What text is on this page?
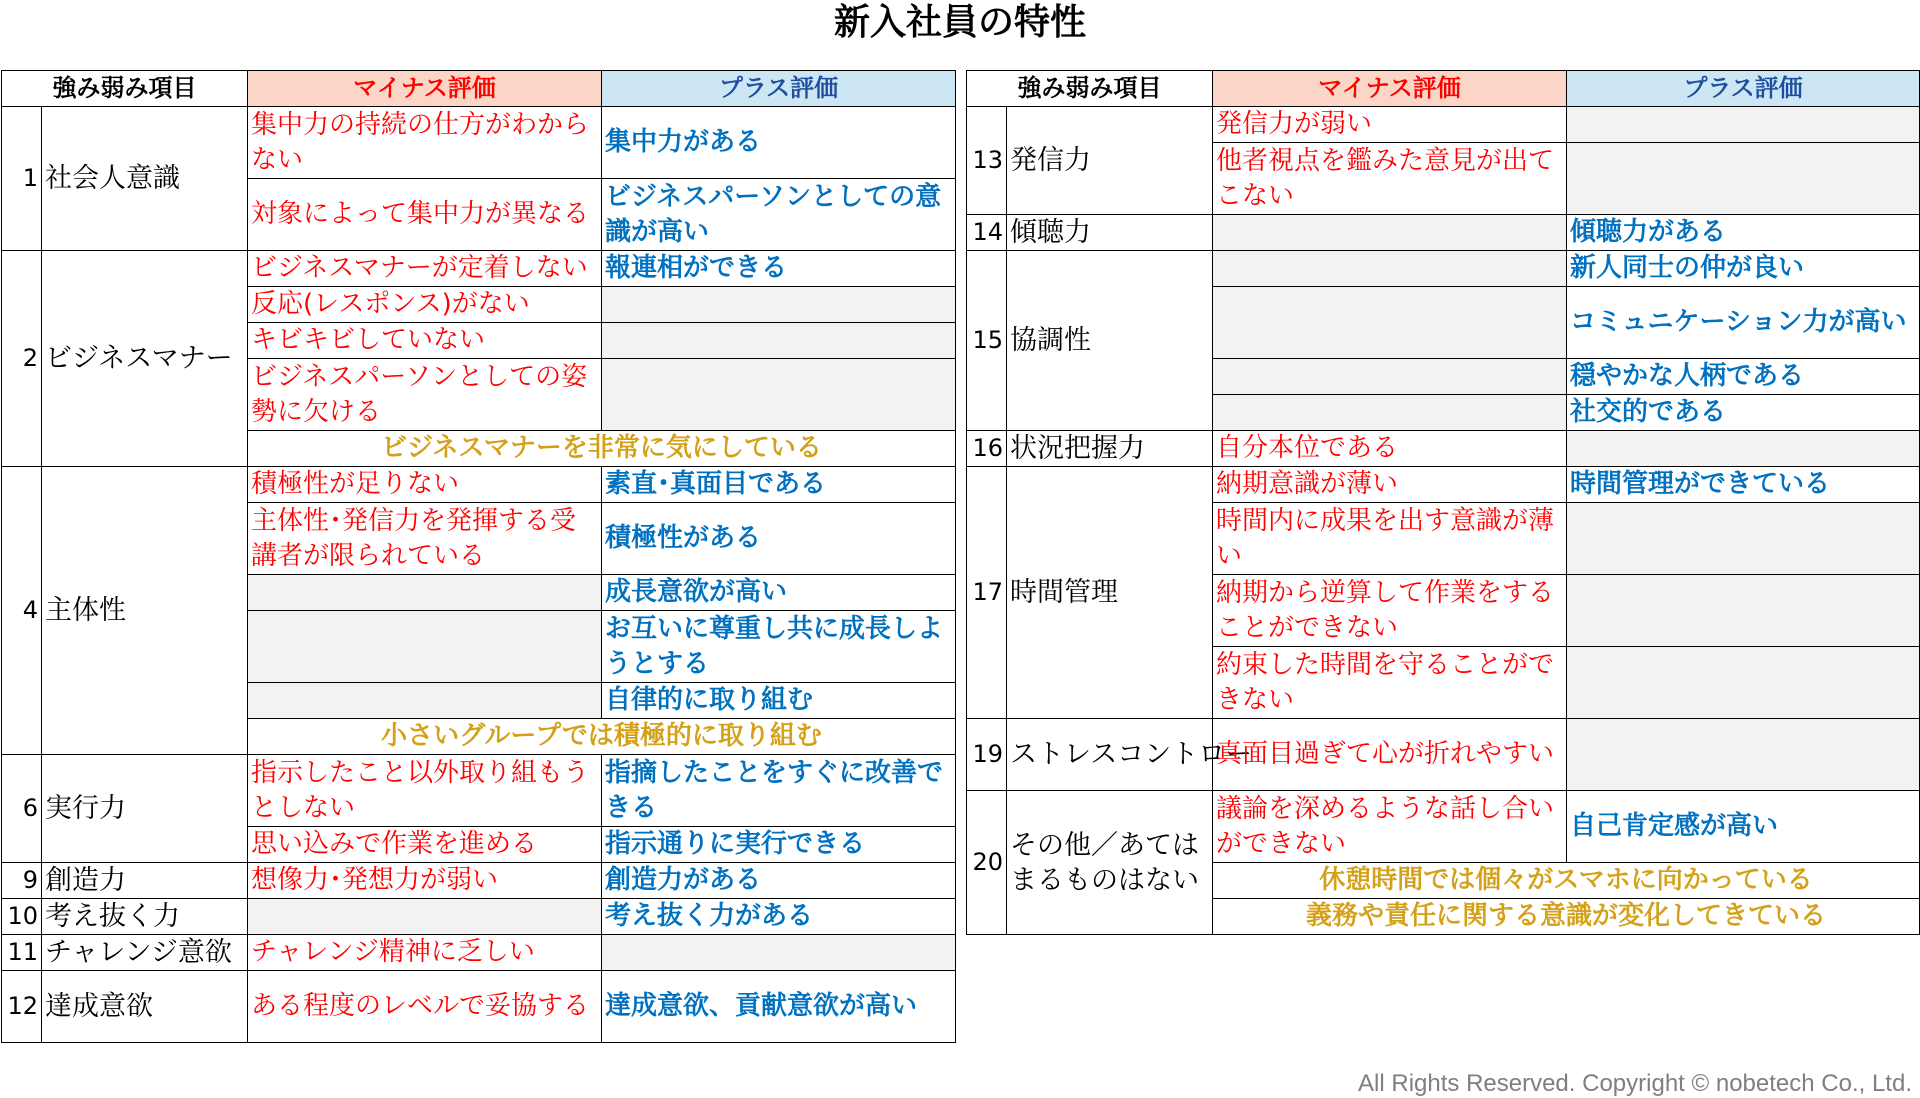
新入社員の特性
強み弱み項目		マイナス評価	プラス評価
1	社会人意識	集中力の持続の仕方がわからない	集中力がある
		対象によって集中力が異なる	ビジネスパーソンとしての意識が高い
2	ビジネスマナー	ビジネスマナーが定着しない	報連相ができる
		反応(レスポンス)がない	
		キビキビしていない	
		ビジネスパーソンとしての姿勢に欠ける	
		ビジネスマナーを非常に気にしている	
4	主体性	積極性が足りない	素直･真面目である
		主体性･発信力を発揮する受講者が限られている	積極性がある
			成長意欲が高い
			お互いに尊重し共に成長しようとする
			自律的に取り組む
		小さいグループでは積極的に取り組む	
6	実行力	指示したこと以外取り組もうとしない	指摘したことをすぐに改善できる
		思い込みで作業を進める	指示通りに実行できる
9	創造力	想像力･発想力が弱い	創造力がある
10	考え抜く力		考え抜く力がある
11	チャレンジ意欲	チャレンジ精神に乏しい	
12	達成意欲	ある程度のレベルで妥協する	達成意欲、貢献意欲が高い
強み弱み項目		マイナス評価	プラス評価
13	発信力	発信力が弱い	
		他者視点を鑑みた意見が出てこない	
14	傾聴力		傾聴力がある
15	協調性		新人同士の仲が良い
			コミュニケーション力が高い
			穏やかな人柄である
			社交的である
16	状況把握力	自分本位である	
17	時間管理	納期意識が薄い	時間管理ができている
		時間内に成果を出す意識が薄い	
		納期から逆算して作業をすることができない	
		約束した時間を守ることができない	
19	ストレスコントロー	真面目過ぎて心が折れやすい	
20	その他／あてはまるものはない	議論を深めるような話し合いができない	自己肯定感が高い
		休憩時間では個々がスマホに向かっている	
		義務や責任に関する意識が変化してきている	
All Rights Reserved. Copyright © nobetech Co., Ltd.
